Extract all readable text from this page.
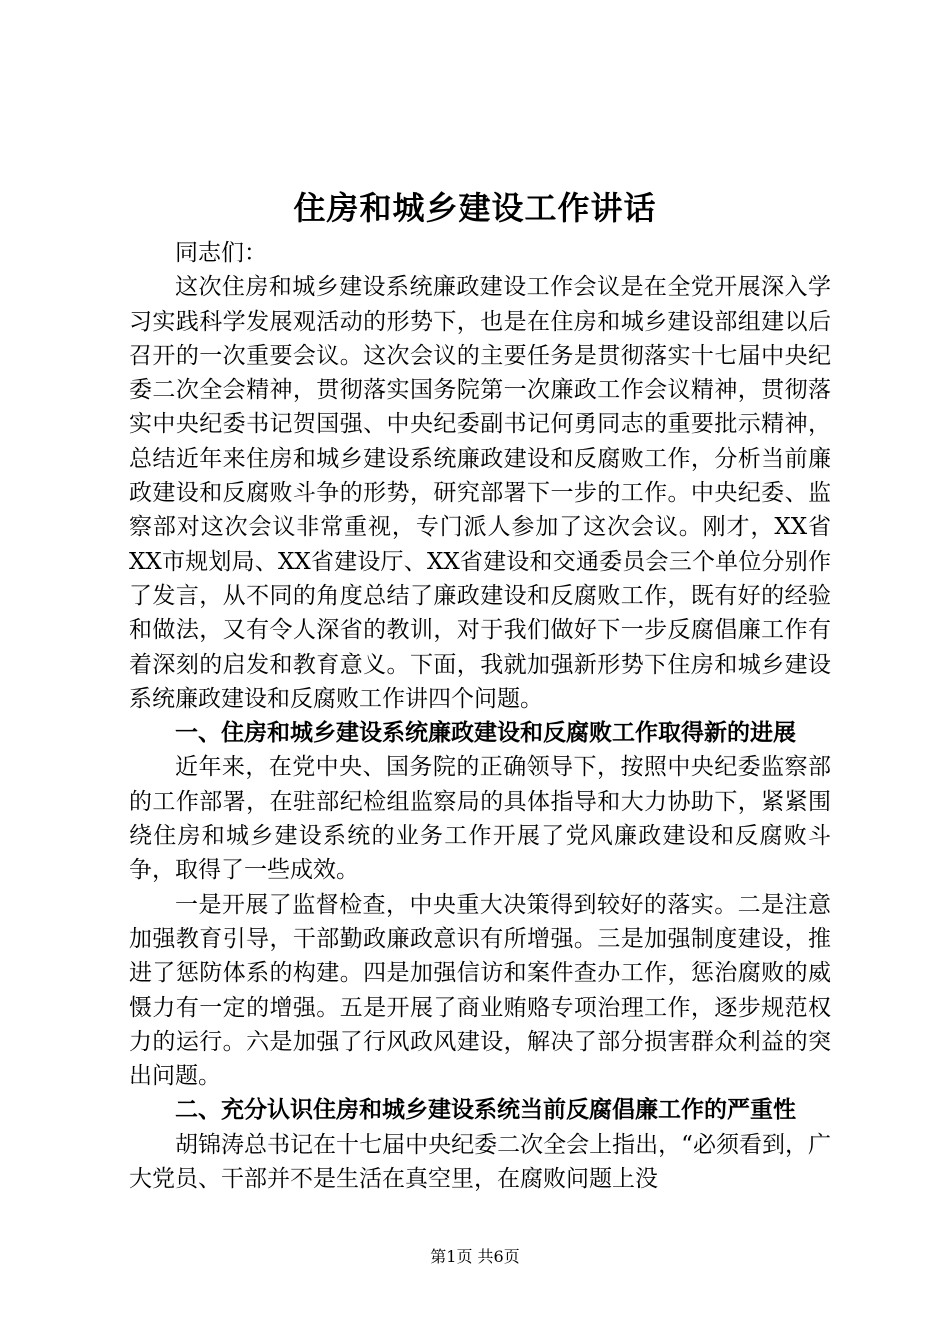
住房和城乡建设工作讲话

同志们：

这次住房和城乡建设系统廉政建设工作会议是在全党开展深入学习实践科学发展观活动的形势下，也是在住房和城乡建设部组建以后召开的一次重要会议。这次会议的主要任务是贯彻落实十七届中央纪委二次全会精神，贯彻落实国务院第一次廉政工作会议精神，贯彻落实中央纪委书记贺国强、中央纪委副书记何勇同志的重要批示精神，总结近年来住房和城乡建设系统廉政建设和反腐败工作，分析当前廉政建设和反腐败斗争的形势，研究部署下一步的工作。中央纪委、监察部对这次会议非常重视，专门派人参加了这次会议。刚才，XX省XX市规划局、XX省建设厅、XX省建设和交通委员会三个单位分别作了发言，从不同的角度总结了廉政建设和反腐败工作，既有好的经验和做法，又有令人深省的教训，对于我们做好下一步反腐倡廉工作有着深刻的启发和教育意义。下面，我就加强新形势下住房和城乡建设系统廉政建设和反腐败工作讲四个问题。

一、住房和城乡建设系统廉政建设和反腐败工作取得新的进展

近年来，在党中央、国务院的正确领导下，按照中央纪委监察部的工作部署，在驻部纪检组监察局的具体指导和大力协助下，紧紧围绕住房和城乡建设系统的业务工作开展了党风廉政建设和反腐败斗争，取得了一些成效。

一是开展了监督检查，中央重大决策得到较好的落实。二是注意加强教育引导，干部勤政廉政意识有所增强。三是加强制度建设，推进了惩防体系的构建。四是加强信访和案件查办工作，惩治腐败的威慑力有一定的增强。五是开展了商业贿赂专项治理工作，逐步规范权力的运行。六是加强了行风政风建设，解决了部分损害群众利益的突出问题。

二、充分认识住房和城乡建设系统当前反腐倡廉工作的严重性

胡锦涛总书记在十七届中央纪委二次全会上指出，“必须看到，广大党员、干部并不是生活在真空里，在腐败问题上没

第1页 共6页
